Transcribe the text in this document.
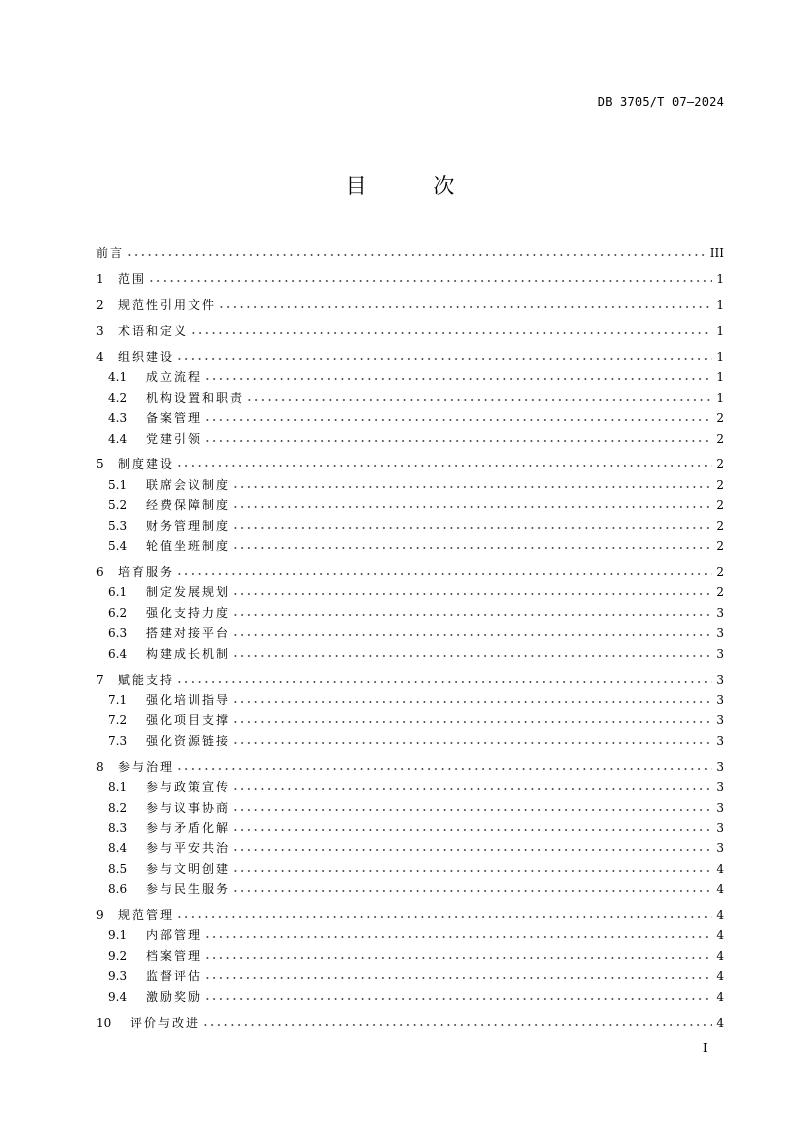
DB 3705/T 07—2024
目 次
前言	III
1	范围	1
2	规范性引用文件	1
3	术语和定义	1
4	组织建设	1
4.1	成立流程	1
4.2	机构设置和职责	1
4.3	备案管理	2
4.4	党建引领	2
5	制度建设	2
5.1	联席会议制度	2
5.2	经费保障制度	2
5.3	财务管理制度	2
5.4	轮值坐班制度	2
6	培育服务	2
6.1	制定发展规划	2
6.2	强化支持力度	3
6.3	搭建对接平台	3
6.4	构建成长机制	3
7	赋能支持	3
7.1	强化培训指导	3
7.2	强化项目支撑	3
7.3	强化资源链接	3
8	参与治理	3
8.1	参与政策宣传	3
8.2	参与议事协商	3
8.3	参与矛盾化解	3
8.4	参与平安共治	3
8.5	参与文明创建	4
8.6	参与民生服务	4
9	规范管理	4
9.1	内部管理	4
9.2	档案管理	4
9.3	监督评估	4
9.4	激励奖励	4
10	评价与改进	4
I
